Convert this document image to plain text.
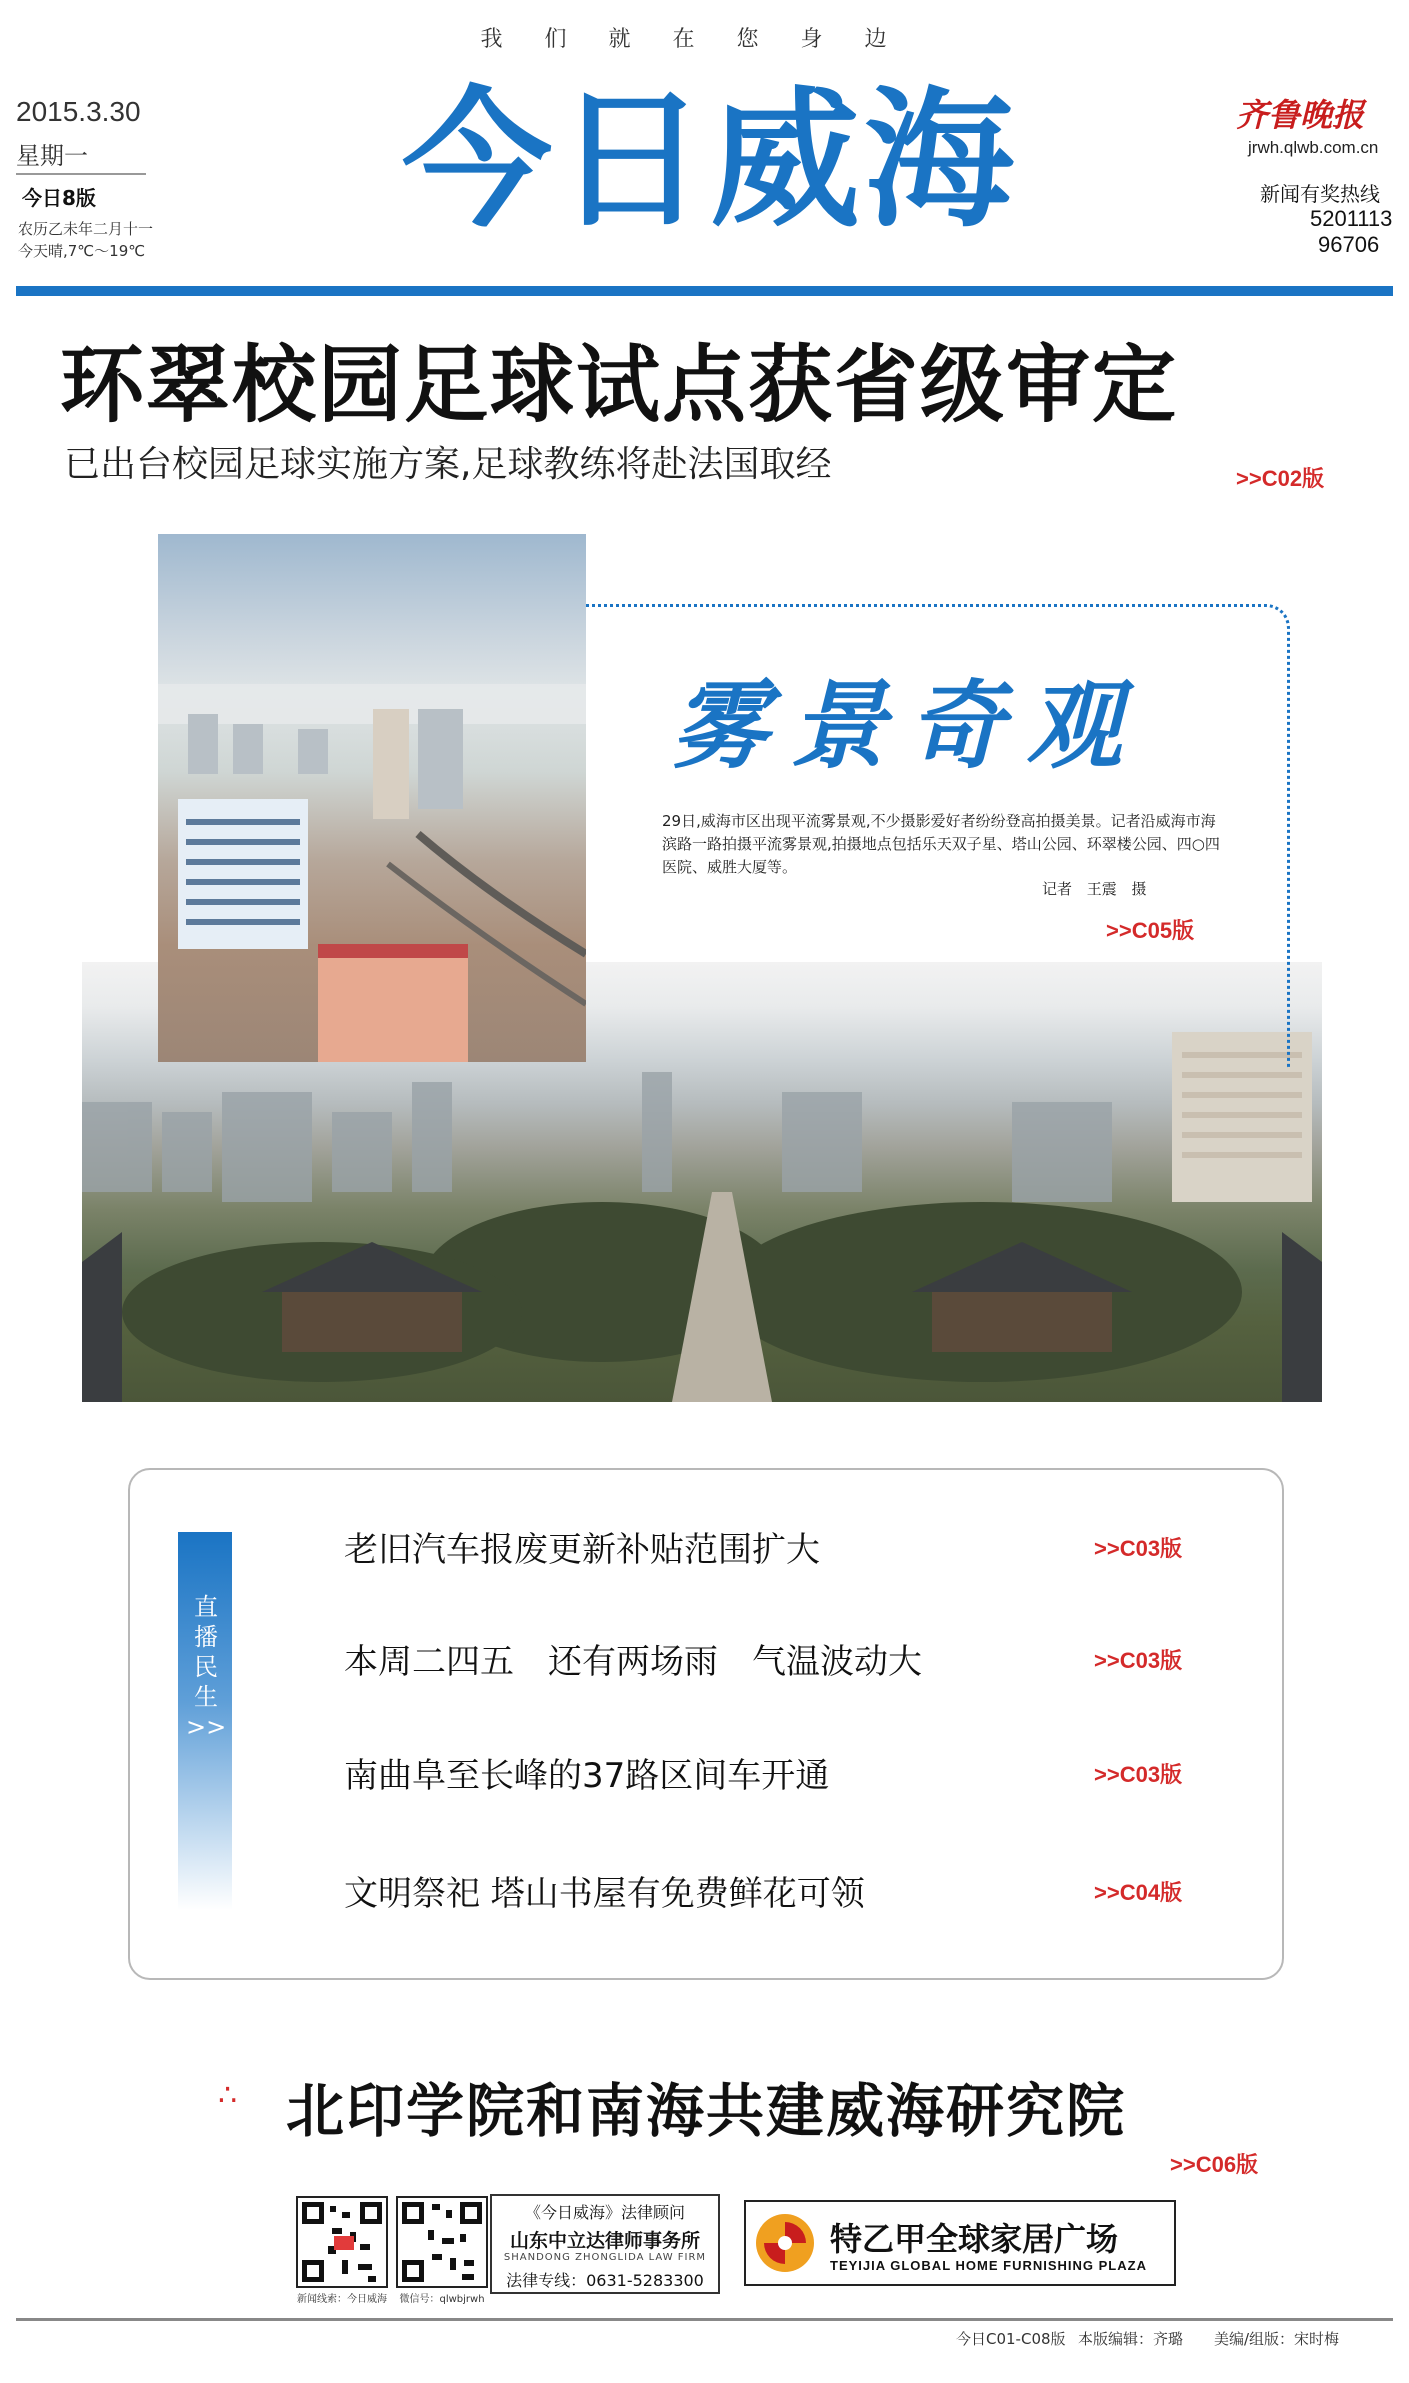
我们就在您身边
2015.3.30
星期一
今日8版
农历乙未年二月十一
今天晴,7℃～19℃
今日威海	齐鲁晚报
jrwh.qlwb.com.cn
新闻有奖热线
5201113
96706
环翠校园足球试点获省级审定
已出台校园足球实施方案,足球教练将赴法国取经	>>C02版
雾景奇观
29日,威海市区出现平流雾景观,不少摄影爱好者纷纷登高拍摄美景。记者沿威海市海滨路一路拍摄平流雾景观,拍摄地点包括乐天双子星、塔山公园、环翠楼公园、四○四医院、威胜大厦等。
记者 王震 摄
>>C05版
直播民生>>
老旧汽车报废更新补贴范围扩大	>>C03版
本周二四五　还有两场雨　气温波动大	>>C03版
南曲阜至长峰的37路区间车开通	>>C03版
文明祭祀 塔山书屋有免费鲜花可领	>>C04版
∴ 北印学院和南海共建威海研究院
>>C06版
新闻线索：今日威海	微信号：qlwbjrwh
《今日威海》法律顾问
山东中立达律师事务所
SHANDONG ZHONGLIDA LAW FIRM
法律专线：0631-5283300
特乙甲全球家居广场
TEYIJIA GLOBAL HOME FURNISHING PLAZA
今日C01-C08版 本版编辑：齐璐 美编/组版：宋时梅
